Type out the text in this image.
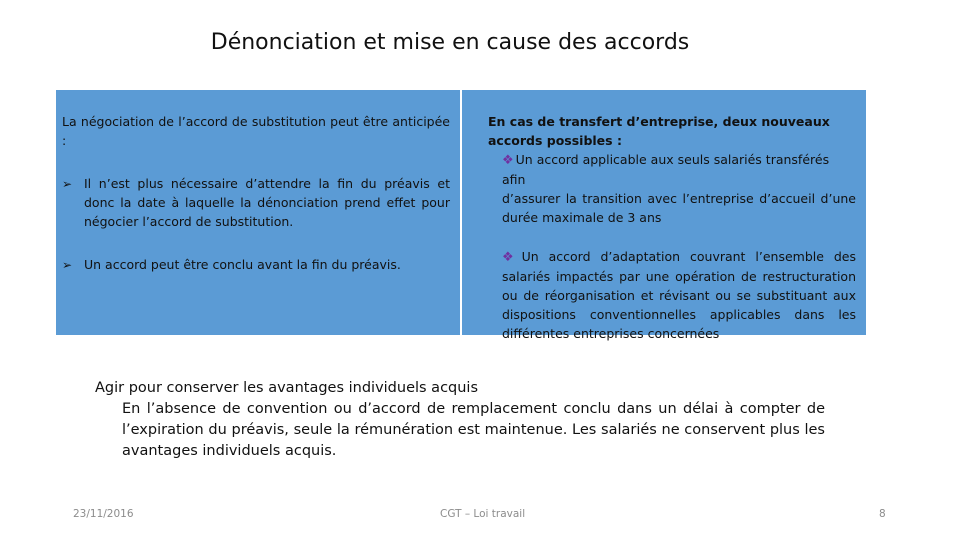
Dénonciation et mise en cause des accords
La négociation de l’accord de substitution peut être anticipée :
➢ Il n’est plus nécessaire d’attendre la fin du préavis et donc la date à laquelle la dénonciation prend effet pour négocier l’accord de substitution.
➢ Un accord peut être conclu avant la fin du préavis.
En cas de transfert d’entreprise, deux nouveaux accords possibles :
❖ Un accord applicable aux seuls salariés transférés afin
d’assurer la transition avec l’entreprise d’accueil d’une durée maximale de 3 ans
❖ Un accord d’adaptation couvrant l’ensemble des
salariés impactés par une opération de restructuration ou de réorganisation et révisant ou se substituant aux dispositions conventionnelles applicables dans les différentes entreprises concernées
Agir pour conserver les avantages individuels acquis
En l’absence de convention ou d’accord de remplacement conclu dans un délai à compter de l’expiration du préavis, seule la rémunération est maintenue. Les salariés ne conservent plus les avantages individuels acquis.
23/11/2016	CGT – Loi travail	8
